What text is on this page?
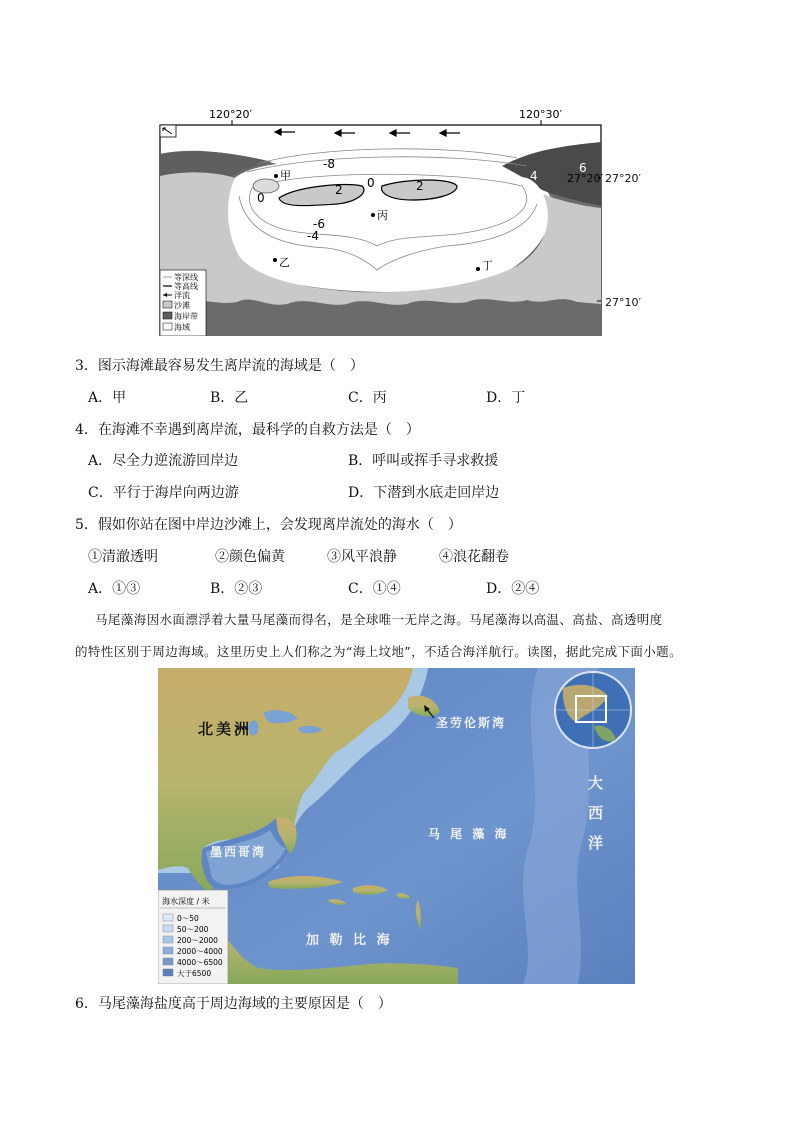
120°20′	120°30′
-8
2 0	2
0
-6
-4
4
6
甲
丙
乙	丁
27°20′
等深线
等高线
洋流
沙滩
海岸带
海域
27°20′
27°10′
3．图示海滩最容易发生离岸流的海域是（　）
A．甲	B．乙	C．丙	D．丁
4．在海滩不幸遇到离岸流，最科学的自救方法是（　）
A．尽全力逆流游回岸边	B．呼叫或挥手寻求救援
C．平行于海岸向两边游	D．下潜到水底走回岸边
5．假如你站在图中岸边沙滩上，会发现离岸流处的海水（　）
①清澈透明	②颜色偏黄	③风平浪静	④浪花翻卷
A．①③	B．②③	C．①④	D．②④
马尾藻海因水面漂浮着大量马尾藻而得名，是全球唯一无岸之海。马尾藻海以高温、高盐、高透明度
的特性区别于周边海域。这里历史上人们称之为“海上坟地”，不适合海洋航行。读图，据此完成下面小题。
北美洲	圣劳伦斯湾
大
西
洋
马 尾 藻 海
墨西哥湾
加 勒 比 海
海水深度 / 米
0～50
50～200
200～2000
2000～4000
4000～6500
大于6500
6．马尾藻海盐度高于周边海域的主要原因是（　）
